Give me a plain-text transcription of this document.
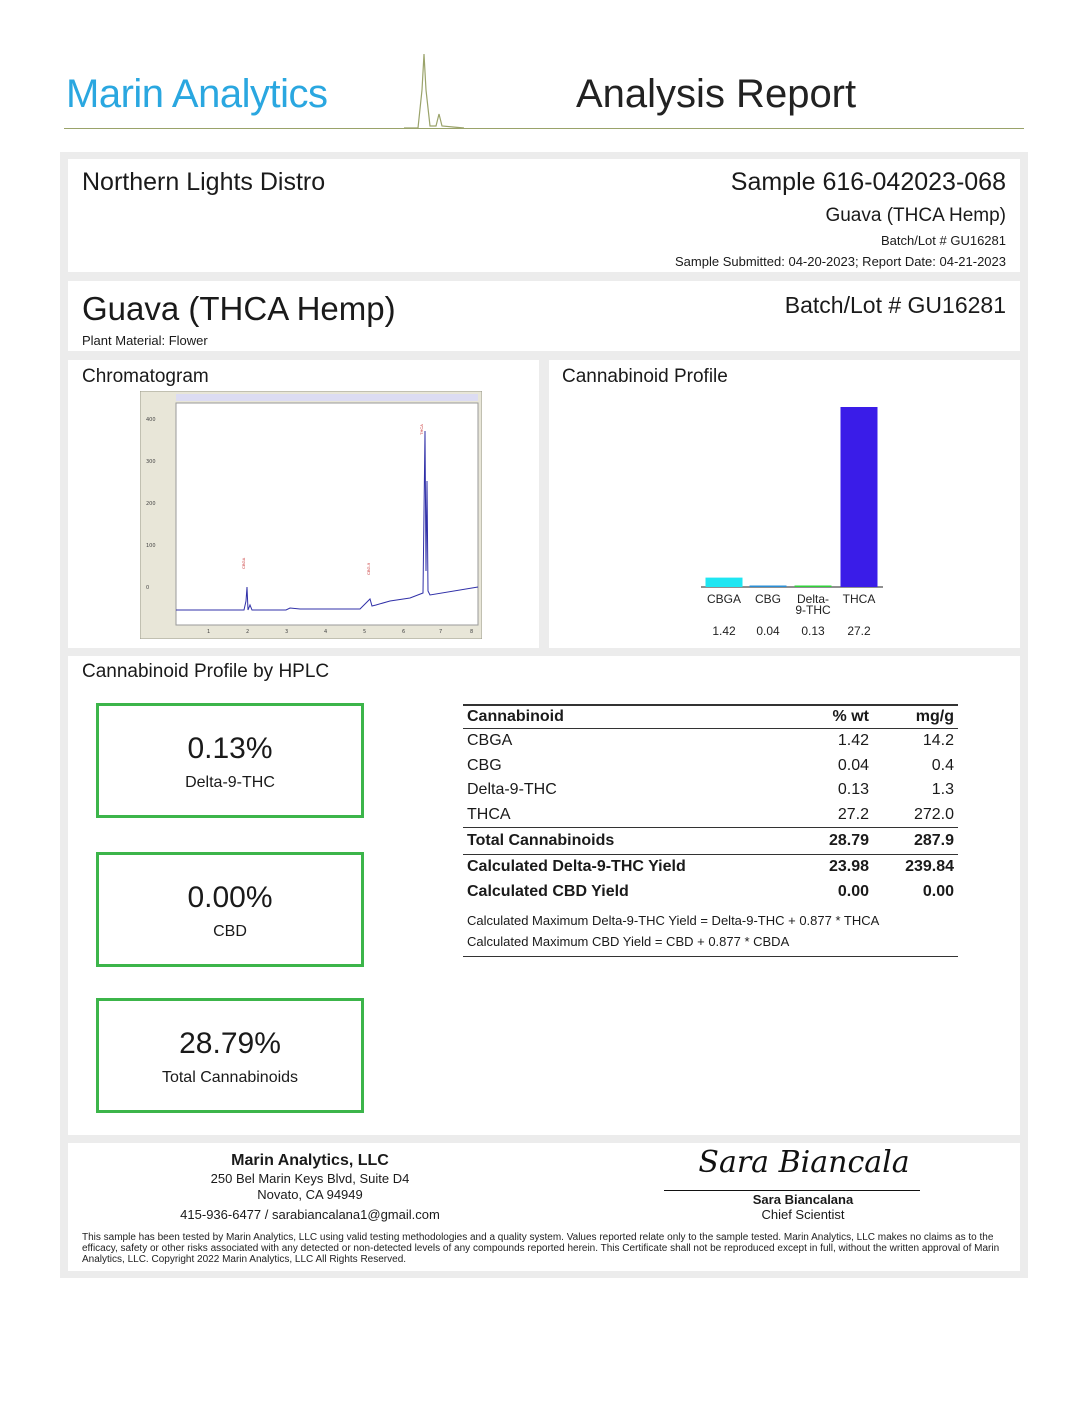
Marin Analytics	Analysis Report
Northern Lights Distro	Sample 616-042023-068
Guava (THCA Hemp)
Batch/Lot # GU16281
Sample Submitted: 04-20-2023; Report Date: 04-21-2023
Guava (THCA Hemp)
Plant Material: Flower
Batch/Lot # GU16281
Chromatogram
400
300
200
100
0
1	2	3	4	5	6	7	8
CBGA	CBG-9
THCA
Cannabinoid Profile
CBGA
1.42
CBG
0.04
Delta-
9-THC
0.13
THCA
27.2
Cannabinoid Profile by HPLC
0.13%
Delta-9-THC
0.00%
CBD
28.79%
Total Cannabinoids
Cannabinoid	% wt	mg/g
CBGA	1.42	14.2
CBG	0.04	0.4
Delta-9-THC	0.13	1.3
THCA	27.2	272.0
Total Cannabinoids	28.79	287.9
Calculated Delta-9-THC Yield	23.98	239.84
Calculated CBD Yield	0.00	0.00
Calculated Maximum Delta-9-THC Yield = Delta-9-THC + 0.877 * THCA		
Calculated Maximum CBD Yield = CBD + 0.877 * CBDA		
Marin Analytics, LLC
250 Bel Marin Keys Blvd, Suite D4
Novato, CA 94949
415-936-6477 / sarabiancalana1@gmail.com
Sara Biancala
Sara Biancalana
Chief Scientist
This sample has been tested by Marin Analytics, LLC using valid testing methodologies and a quality system. Values reported relate only to the sample tested. Marin Analytics, LLC makes no claims as to the efficacy, safety or other risks associated with any detected or non-detected levels of any compounds reported herein. This Certificate shall not be reproduced except in full, without the written approval of Marin Analytics, LLC. Copyright 2022 Marin Analytics, LLC All Rights Reserved.
